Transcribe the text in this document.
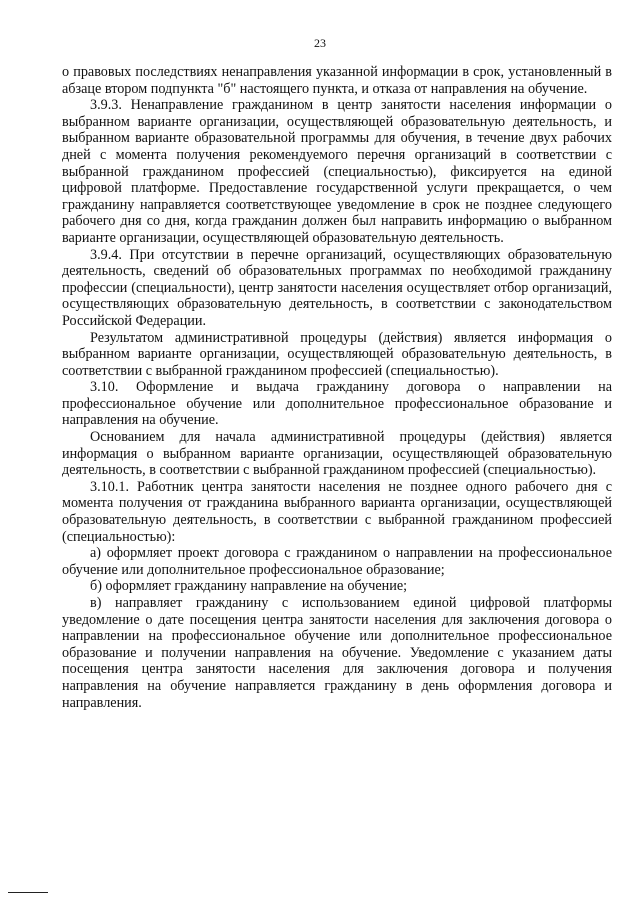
23

о правовых последствиях ненаправления указанной информации в срок, установленный в абзаце втором подпункта "б" настоящего пункта, и отказа от направления на обучение.

3.9.3. Ненаправление гражданином в центр занятости населения информации о выбранном варианте организации, осуществляющей образовательную деятельность, и выбранном варианте образовательной программы для обучения, в течение двух рабочих дней с момента получения рекомендуемого перечня организаций в соответствии с выбранной гражданином профессией (специальностью), фиксируется на единой цифровой платформе. Предоставление государственной услуги прекращается, о чем гражданину направляется соответствующее уведомление в срок не позднее следующего рабочего дня со дня, когда гражданин должен был направить информацию о выбранном варианте организации, осуществляющей образовательную деятельность.

3.9.4. При отсутствии в перечне организаций, осуществляющих образовательную деятельность, сведений об образовательных программах по необходимой гражданину профессии (специальности), центр занятости населения осуществляет отбор организаций, осуществляющих образовательную деятельность, в соответствии с законодательством Российской Федерации.

Результатом административной процедуры (действия) является информация о выбранном варианте организации, осуществляющей образовательную деятельность, в соответствии с выбранной гражданином профессией (специальностью).

3.10. Оформление и выдача гражданину договора о направлении на профессиональное обучение или дополнительное профессиональное образование и направления на обучение.

Основанием для начала административной процедуры (действия) является информация о выбранном варианте организации, осуществляющей образовательную деятельность, в соответствии с выбранной гражданином профессией (специальностью).

3.10.1. Работник центра занятости населения не позднее одного рабочего дня с момента получения от гражданина выбранного варианта организации, осуществляющей образовательную деятельность, в соответствии с выбранной гражданином профессией (специальностью):

а) оформляет проект договора с гражданином о направлении на профессиональное обучение или дополнительное профессиональное образование;

б) оформляет гражданину направление на обучение;

в) направляет гражданину с использованием единой цифровой платформы уведомление о дате посещения центра занятости населения для заключения договора о направлении на профессиональное обучение или дополнительное профессиональное образование и получении направления на обучение. Уведомление с указанием даты посещения центра занятости населения для заключения договора и получения направления на обучение направляется гражданину в день оформления договора и направления.
